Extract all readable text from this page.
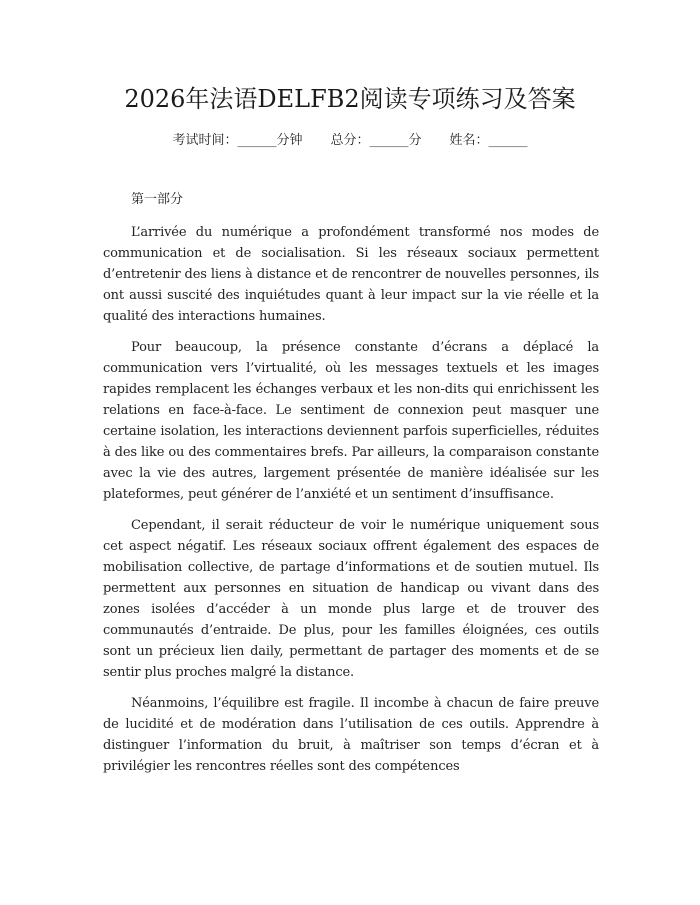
2026年法语DELFB2阅读专项练习及答案
考试时间：______分钟 总分：______分 姓名：______
第一部分

L’arrivée du numérique a profondément transformé nos modes de communication et de socialisation. Si les réseaux sociaux permettent d’entretenir des liens à distance et de rencontrer de nouvelles personnes, ils ont aussi suscité des inquiétudes quant à leur impact sur la vie réelle et la qualité des interactions humaines.

Pour beaucoup, la présence constante d’écrans a déplacé la communication vers l’virtualité, où les messages textuels et les images rapides remplacent les échanges verbaux et les non-dits qui enrichissent les relations en face-à-face. Le sentiment de connexion peut masquer une certaine isolation, les interactions deviennent parfois superficielles, réduites à des like ou des commentaires brefs. Par ailleurs, la comparaison constante avec la vie des autres, largement présentée de manière idéalisée sur les plateformes, peut générer de l’anxiété et un sentiment d’insuffisance.

Cependant, il serait réducteur de voir le numérique uniquement sous cet aspect négatif. Les réseaux sociaux offrent également des espaces de mobilisation collective, de partage d’informations et de soutien mutuel. Ils permettent aux personnes en situation de handicap ou vivant dans des zones isolées d’accéder à un monde plus large et de trouver des communautés d’entraide. De plus, pour les familles éloignées, ces outils sont un précieux lien daily, permettant de partager des moments et de se sentir plus proches malgré la distance.

Néanmoins, l’équilibre est fragile. Il incombe à chacun de faire preuve de lucidité et de modération dans l’utilisation de ces outils. Apprendre à distinguer l’information du bruit, à maîtriser son temps d’écran et à privilégier les rencontres réelles sont des compétences
